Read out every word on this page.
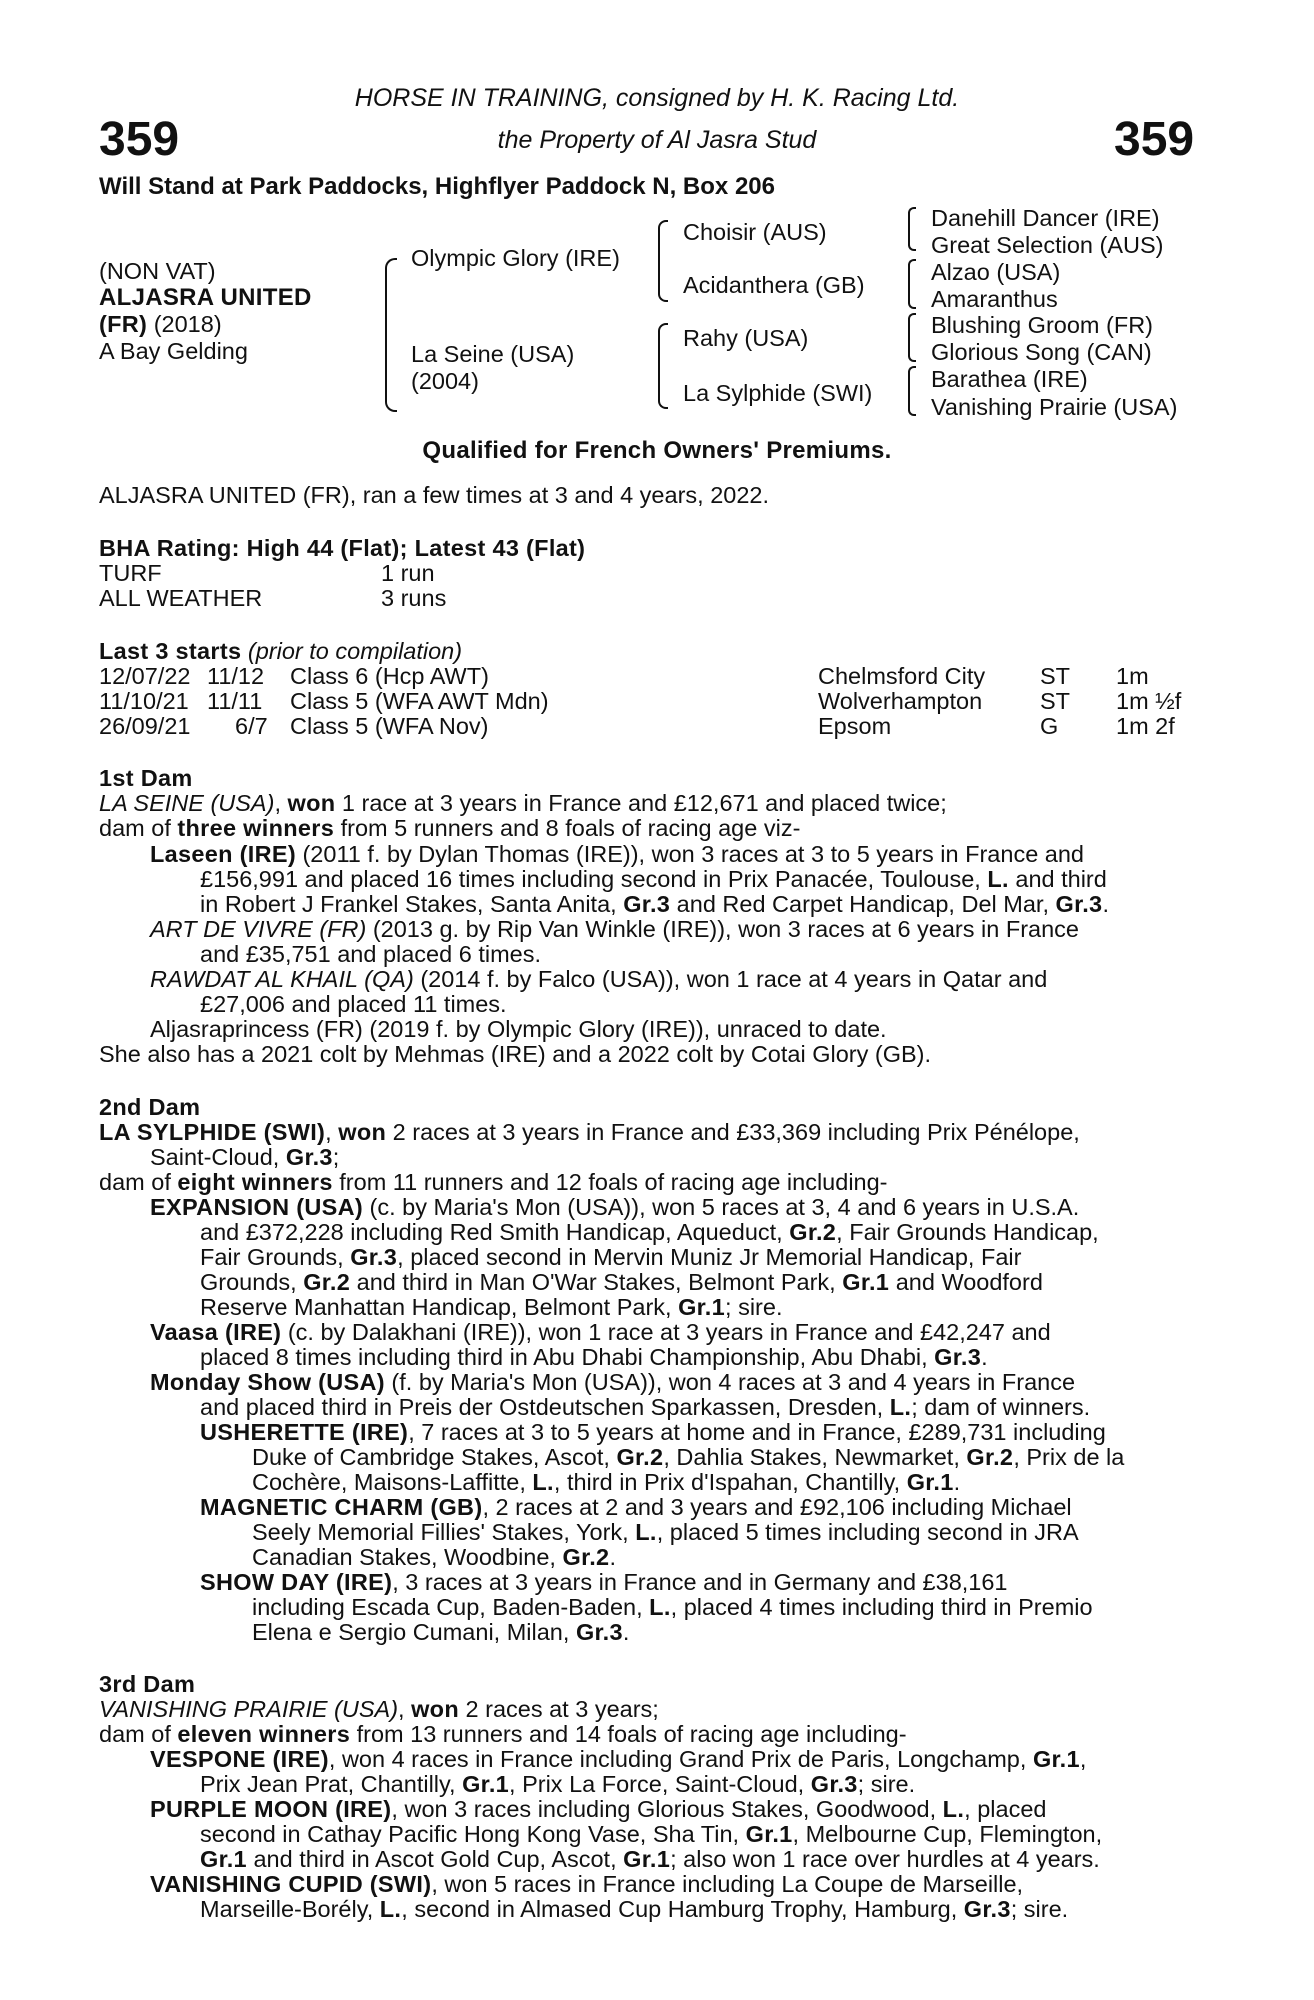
359	359
HORSE IN TRAINING, consigned by H. K. Racing Ltd.
the Property of Al Jasra Stud
Will Stand at Park Paddocks, Highflyer Paddock N, Box 206
(NON VAT)
ALJASRA UNITED
(FR) (2018)
A Bay Gelding
Olympic Glory (IRE)
La Seine (USA)
(2004)
Choisir (AUS)
Acidanthera (GB)
Rahy (USA)
La Sylphide (SWI)
Danehill Dancer (IRE)
Great Selection (AUS)
Alzao (USA)
Amaranthus
Blushing Groom (FR)
Glorious Song (CAN)
Barathea (IRE)
Vanishing Prairie (USA)
Qualified for French Owners' Premiums.
ALJASRA UNITED (FR), ran a few times at 3 and 4 years, 2022.
BHA Rating: High 44 (Flat); Latest 43 (Flat)
TURF	1 run
ALL WEATHER	3 runs
Last 3 starts (prior to compilation)
12/07/22 11/12 Class 6 (Hcp AWT)	Chelmsford City ST 1m
11/10/21 11/11 Class 5 (WFA AWT Mdn)	Wolverhampton ST 1m ½f
26/09/21 6/7 Class 5 (WFA Nov)	Epsom	G 1m 2f
1st Dam
LA SEINE (USA), won 1 race at 3 years in France and £12,671 and placed twice;
dam of three winners from 5 runners and 8 foals of racing age viz-
Laseen (IRE) (2011 f. by Dylan Thomas (IRE)), won 3 races at 3 to 5 years in France and
£156,991 and placed 16 times including second in Prix Panacée, Toulouse, L. and third
in Robert J Frankel Stakes, Santa Anita, Gr.3 and Red Carpet Handicap, Del Mar, Gr.3.
ART DE VIVRE (FR) (2013 g. by Rip Van Winkle (IRE)), won 3 races at 6 years in France
and £35,751 and placed 6 times.
RAWDAT AL KHAIL (QA) (2014 f. by Falco (USA)), won 1 race at 4 years in Qatar and
£27,006 and placed 11 times.
Aljasraprincess (FR) (2019 f. by Olympic Glory (IRE)), unraced to date.
She also has a 2021 colt by Mehmas (IRE) and a 2022 colt by Cotai Glory (GB).
2nd Dam
LA SYLPHIDE (SWI), won 2 races at 3 years in France and £33,369 including Prix Pénélope,
Saint-Cloud, Gr.3;
dam of eight winners from 11 runners and 12 foals of racing age including-
EXPANSION (USA) (c. by Maria's Mon (USA)), won 5 races at 3, 4 and 6 years in U.S.A.
and £372,228 including Red Smith Handicap, Aqueduct, Gr.2, Fair Grounds Handicap,
Fair Grounds, Gr.3, placed second in Mervin Muniz Jr Memorial Handicap, Fair
Grounds, Gr.2 and third in Man O'War Stakes, Belmont Park, Gr.1 and Woodford
Reserve Manhattan Handicap, Belmont Park, Gr.1; sire.
Vaasa (IRE) (c. by Dalakhani (IRE)), won 1 race at 3 years in France and £42,247 and
placed 8 times including third in Abu Dhabi Championship, Abu Dhabi, Gr.3.
Monday Show (USA) (f. by Maria's Mon (USA)), won 4 races at 3 and 4 years in France
and placed third in Preis der Ostdeutschen Sparkassen, Dresden, L.; dam of winners.
USHERETTE (IRE), 7 races at 3 to 5 years at home and in France, £289,731 including
Duke of Cambridge Stakes, Ascot, Gr.2, Dahlia Stakes, Newmarket, Gr.2, Prix de la
Cochère, Maisons-Laffitte, L., third in Prix d'Ispahan, Chantilly, Gr.1.
MAGNETIC CHARM (GB), 2 races at 2 and 3 years and £92,106 including Michael
Seely Memorial Fillies' Stakes, York, L., placed 5 times including second in JRA
Canadian Stakes, Woodbine, Gr.2.
SHOW DAY (IRE), 3 races at 3 years in France and in Germany and £38,161
including Escada Cup, Baden-Baden, L., placed 4 times including third in Premio
Elena e Sergio Cumani, Milan, Gr.3.
3rd Dam
VANISHING PRAIRIE (USA), won 2 races at 3 years;
dam of eleven winners from 13 runners and 14 foals of racing age including-
VESPONE (IRE), won 4 races in France including Grand Prix de Paris, Longchamp, Gr.1,
Prix Jean Prat, Chantilly, Gr.1, Prix La Force, Saint-Cloud, Gr.3; sire.
PURPLE MOON (IRE), won 3 races including Glorious Stakes, Goodwood, L., placed
second in Cathay Pacific Hong Kong Vase, Sha Tin, Gr.1, Melbourne Cup, Flemington,
Gr.1 and third in Ascot Gold Cup, Ascot, Gr.1; also won 1 race over hurdles at 4 years.
VANISHING CUPID (SWI), won 5 races in France including La Coupe de Marseille,
Marseille-Borély, L., second in Almased Cup Hamburg Trophy, Hamburg, Gr.3; sire.
